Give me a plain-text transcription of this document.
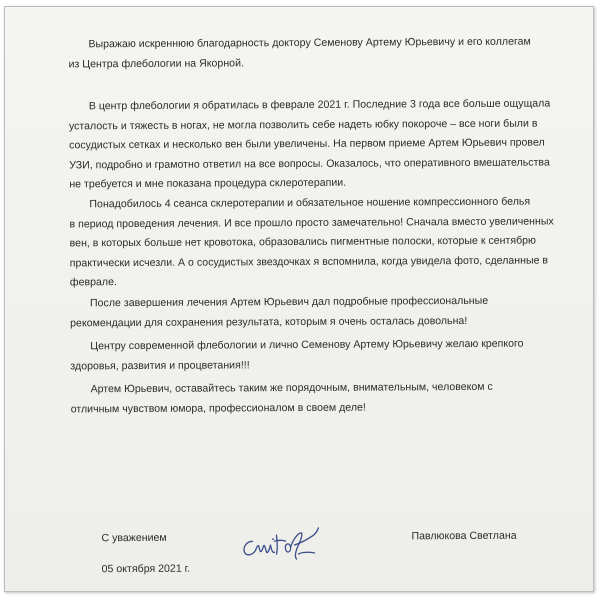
Выражаю искреннюю благодарность доктору Семенову Артему Юрьевичу и его коллегам
из Центра флебологии на Якорной.

В центр флебологии я обратилась в феврале 2021 г. Последние 3 года все больше ощущала
усталость и тяжесть в ногах, не могла позволить себе надеть юбку покороче – все ноги были в
сосудистых сетках и несколько вен были увеличены. На первом приеме Артем Юрьевич провел
УЗИ, подробно и грамотно ответил на все вопросы. Оказалось, что оперативного вмешательства
не требуется и мне показана процедура склеротерапии.

Понадобилось 4 сеанса склеротерапии и обязательное ношение компрессионного белья
в период проведения лечения. И все прошло просто замечательно! Сначала вместо увеличенных
вен, в которых больше нет кровотока, образовались пигментные полоски, которые к сентябрю
практически исчезли. А о сосудистых звездочках я вспомнила, когда увидела фото, сделанные в
феврале.

После завершения лечения Артем Юрьевич дал подробные профессиональные
рекомендации для сохранения результата, которым я очень осталась довольна!

Центру современной флебологии и лично Семенову Артему Юрьевичу желаю крепкого
здоровья, развития и процветания!!!

Артем Юрьевич, оставайтесь таким же порядочным, внимательным, человеком с
отличным чувством юмора, профессионалом в своем деле!

С уважением
05 октября 2021 г.
Павлюкова Светлана
